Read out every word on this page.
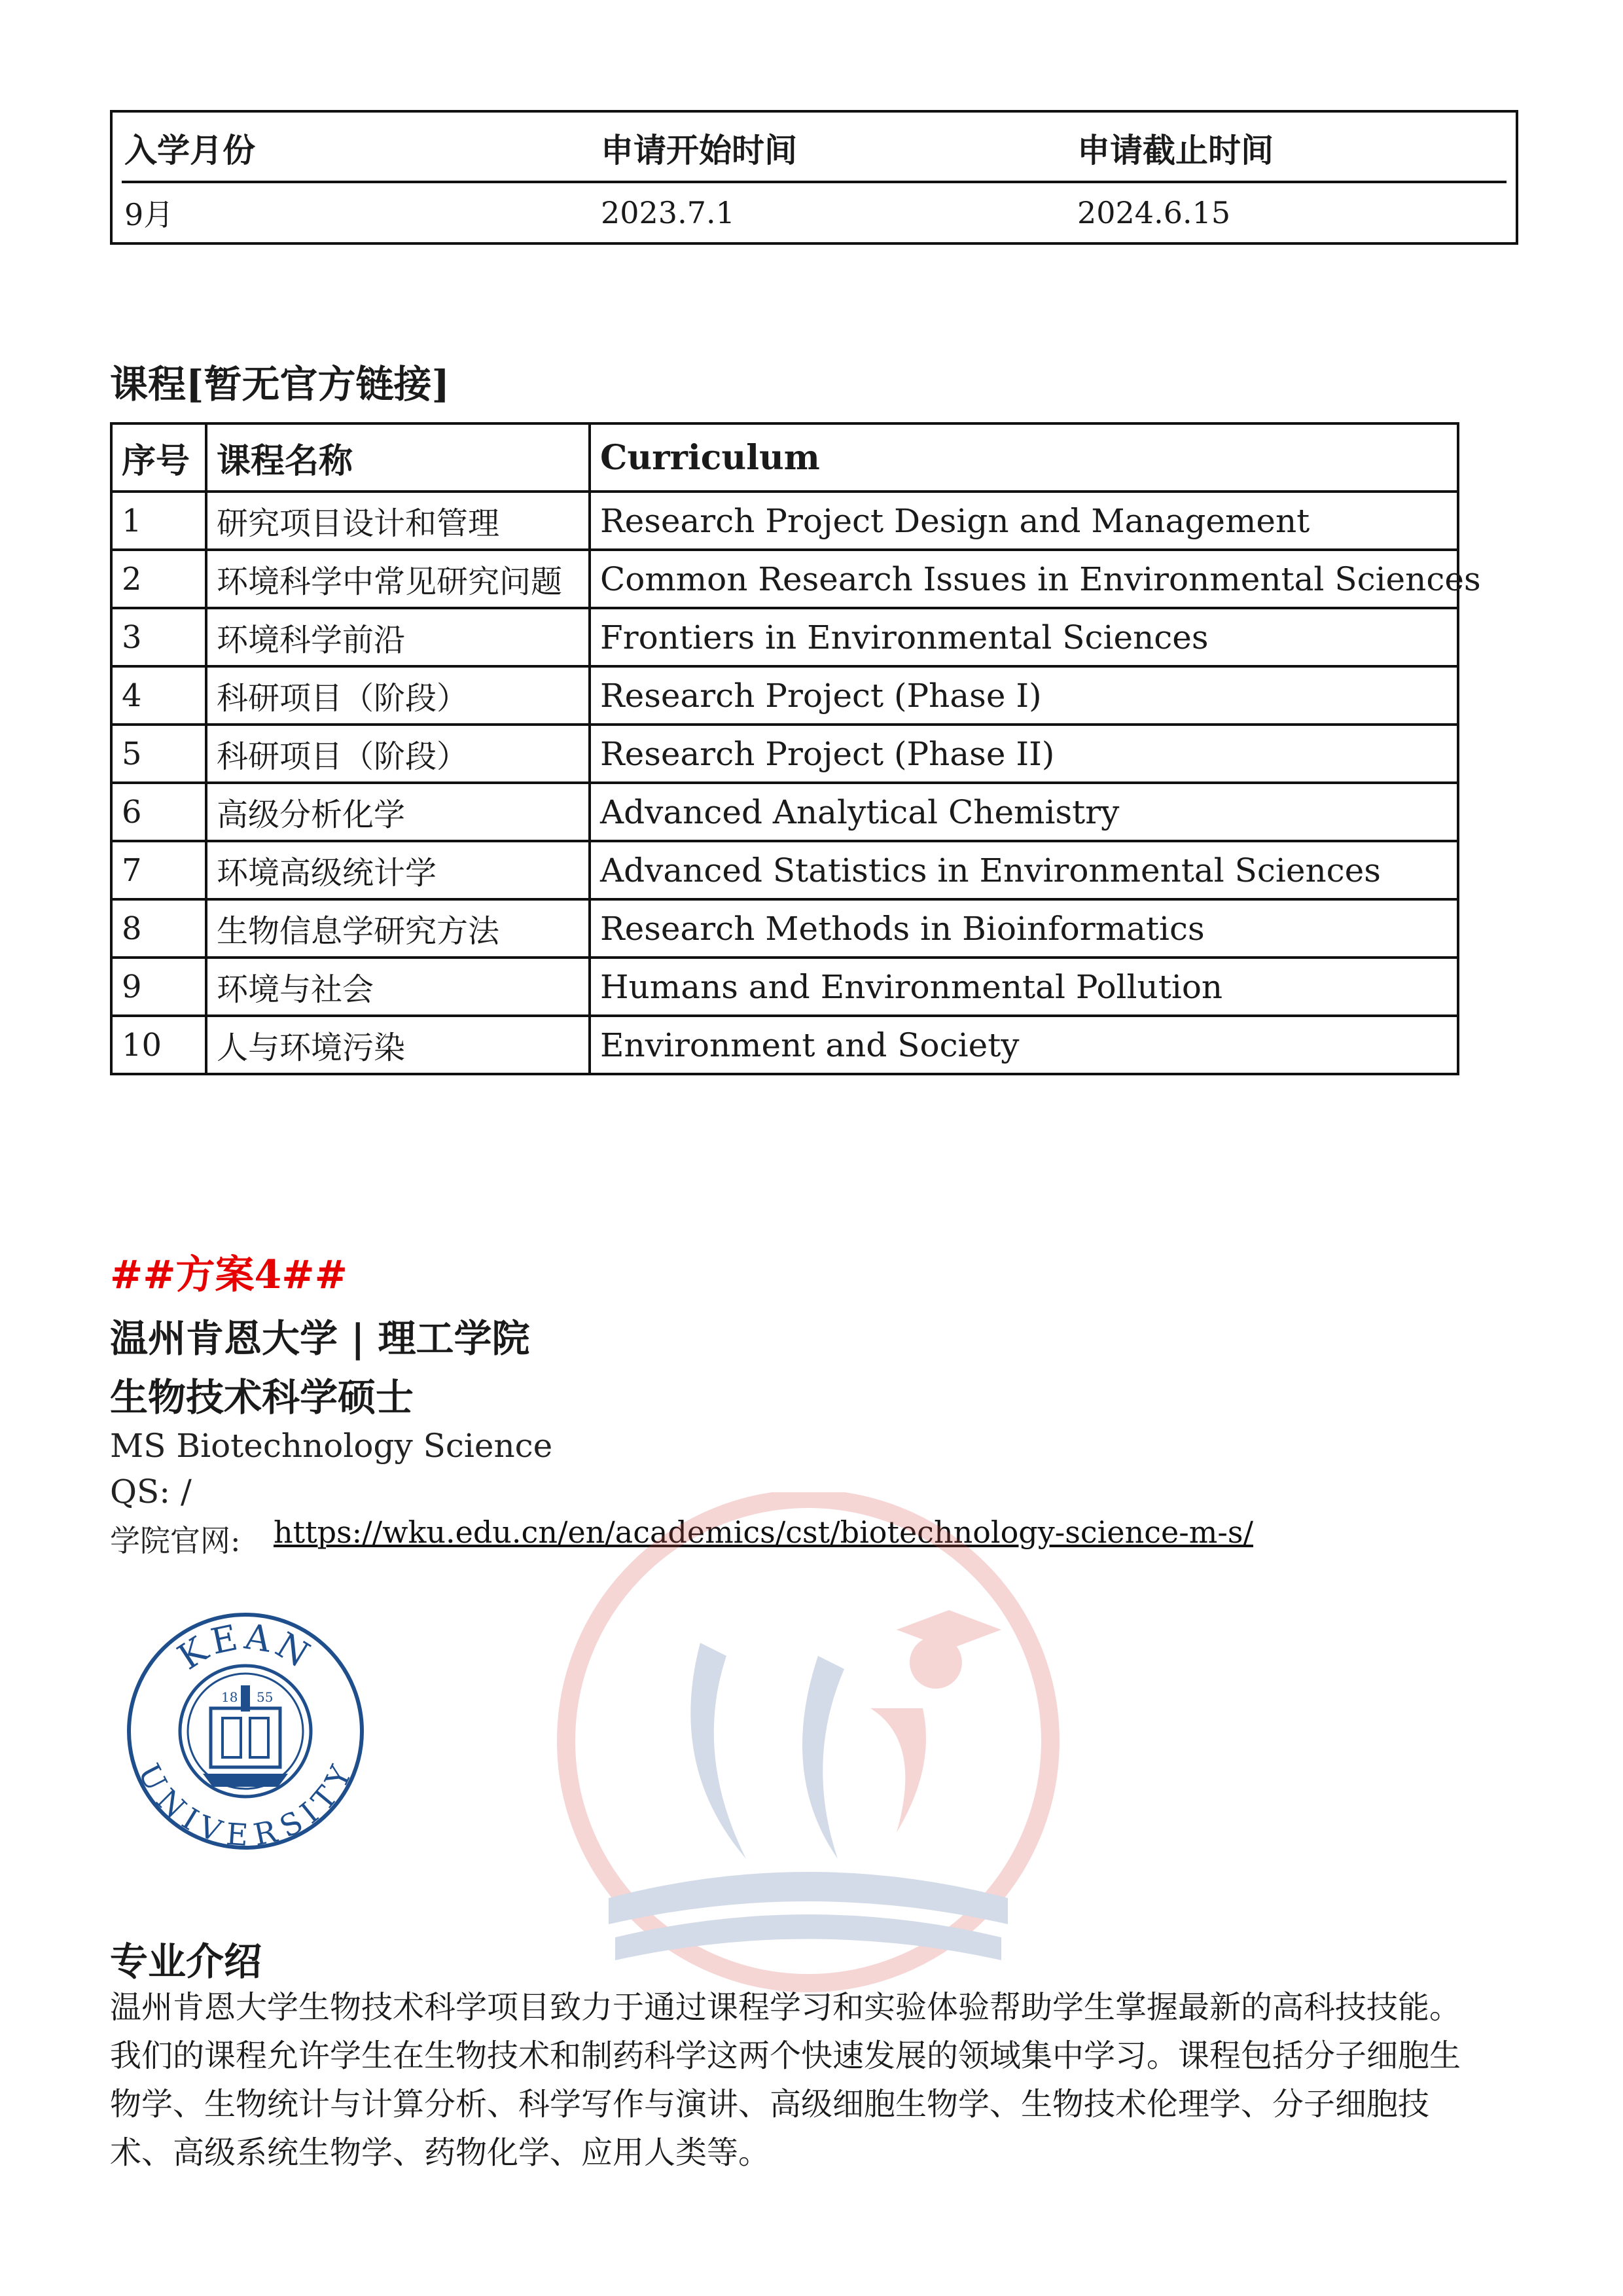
入学月份	申请开始时间	申请截止时间
9月	2023.7.1	2024.6.15
课程[暂无官方链接]
序号	课程名称	Curriculum
1	研究项目设计和管理	Research Project Design and Management
2	环境科学中常见研究问题	Common Research Issues in Environmental Sciences
3	环境科学前沿	Frontiers in Environmental Sciences
4	科研项目（阶段）	Research Project (Phase I)
5	科研项目（阶段）	Research Project (Phase II)
6	高级分析化学	Advanced Analytical Chemistry
7	环境高级统计学	Advanced Statistics in Environmental Sciences
8	生物信息学研究方法	Research Methods in Bioinformatics
9	环境与社会	Humans and Environmental Pollution
10	人与环境污染	Environment and Society
##方案4##
温州肯恩大学 | 理工学院
生物技术科学硕士
MS Biotechnology Science
QS: /
学院官网: https://wku.edu.cn/en/academics/cst/biotechnology-science-m-s/
KEAN
UNIVERSITY
18 55
专业介绍
温州肯恩大学生物技术科学项目致力于通过课程学习和实验体验帮助学生掌握最新的高科技技能。我们的课程允许学生在生物技术和制药科学这两个快速发展的领域集中学习。课程包括分子细胞生物学、生物统计与计算分析、科学写作与演讲、高级细胞生物学、生物技术伦理学、分子细胞技术、高级系统生物学、药物化学、应用人类等。
